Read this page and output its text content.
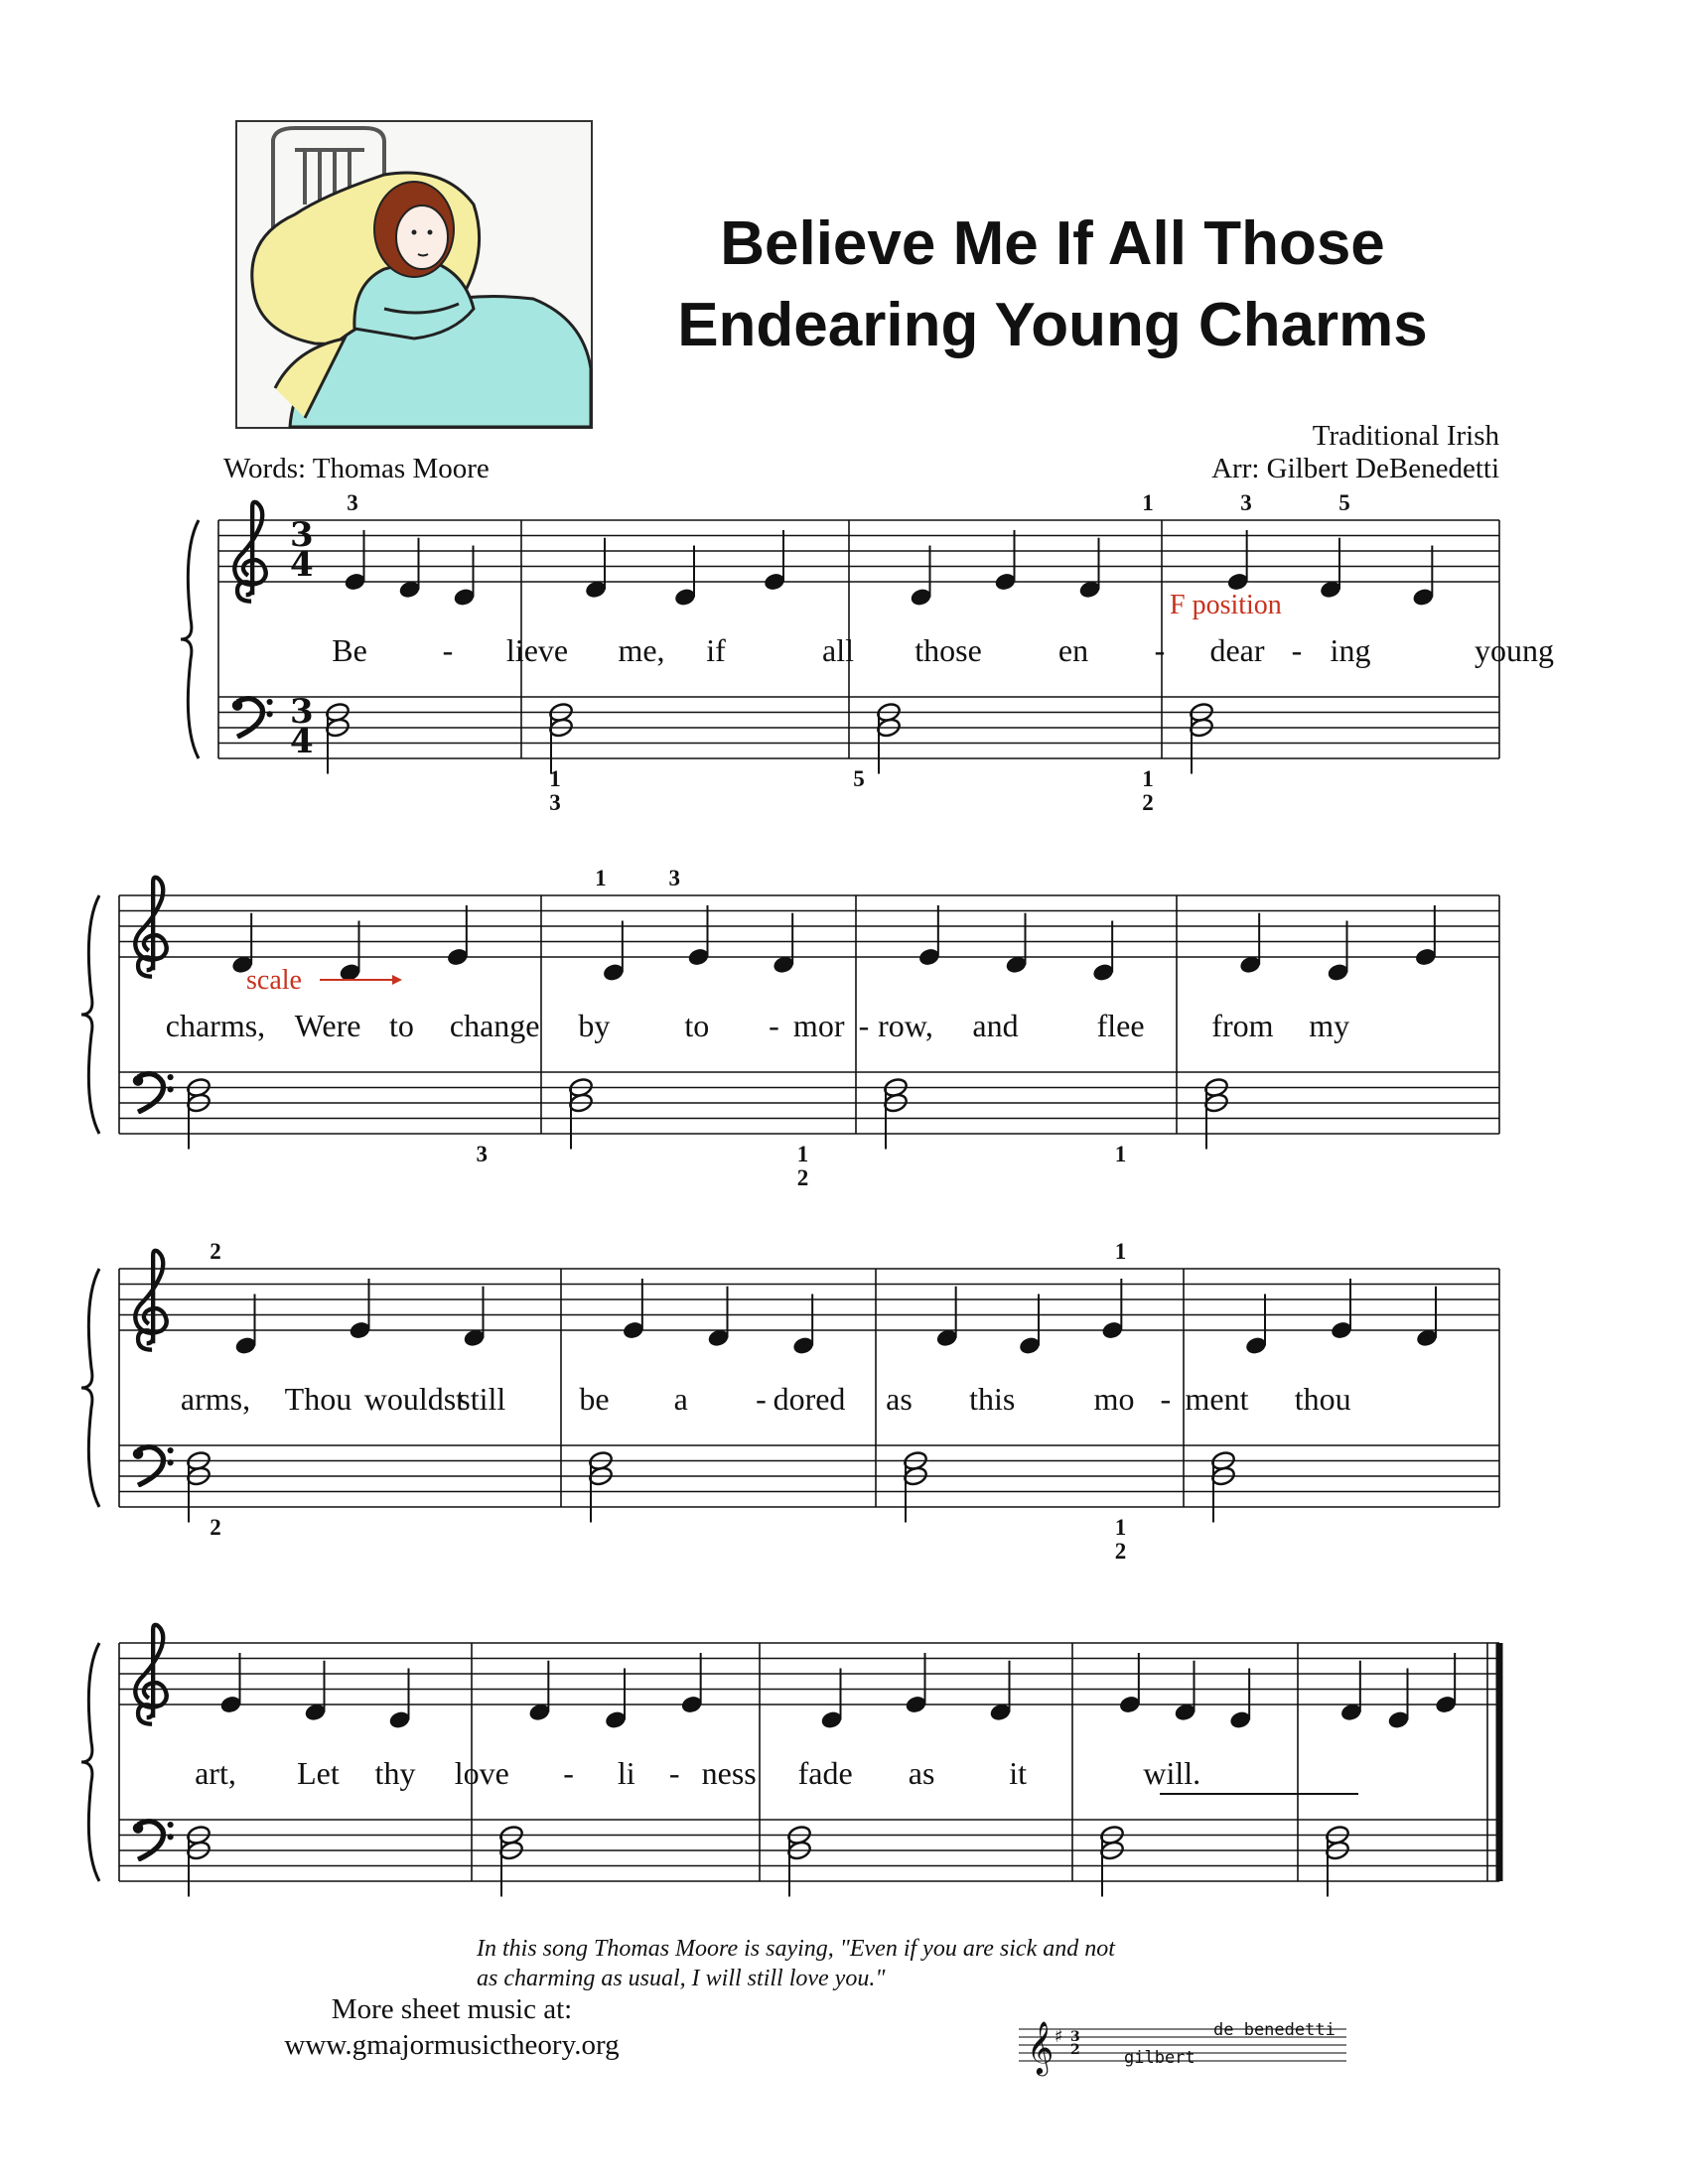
Believe Me If All Those
Endearing Young Charms
Words: Thomas Moore
Traditional Irish
Arr: Gilbert DeBenedetti
3
4
3
4
Be - lieve me, if	all those en - dear - ing	young
3	1	3	5
1
3
5	1
2
F position
charms, Were to change by to - mor - row, and flee from my
1	3
3	1
2
1
scale
arms, Thou wouldst
still be a - dored as this mo - ment thou
2	1
2	1
2
art, Let thy love - li - ness fade as it	will.
In this song Thomas Moore is saying, "Even if you are sick and not as charming as usual, I will still love you."
More sheet music at:
www.gmajormusictheory.org	𝄞 ♯ 3
2	gilbert
de benedetti
